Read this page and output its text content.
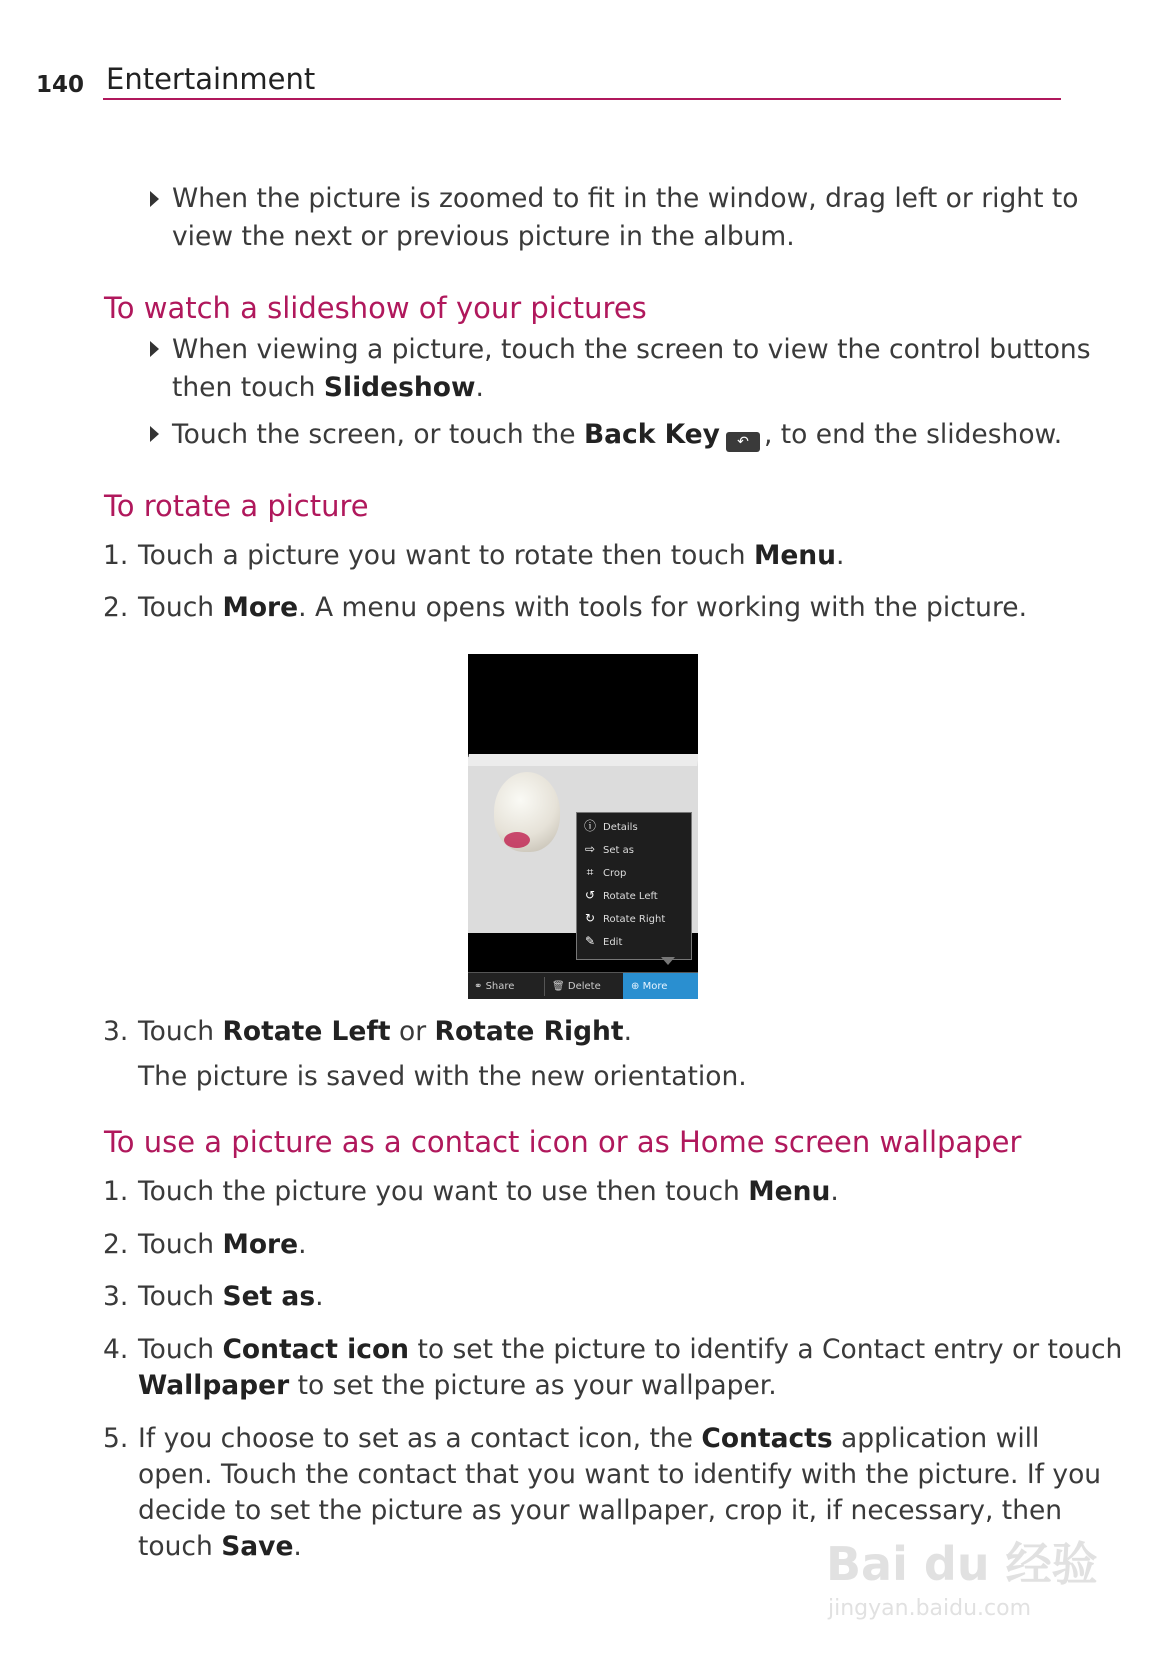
140 Entertainment
When the picture is zoomed to fit in the window, drag left or right to
view the next or previous picture in the album.
To watch a slideshow of your pictures
When viewing a picture, touch the screen to view the control buttons
then touch Slideshow.
Touch the screen, or touch the Back Key ↶ , to end the slideshow.
To rotate a picture
1. Touch a picture you want to rotate then touch Menu.
2. Touch More. A menu opens with tools for working with the picture.
ⓘ Details
⇨ Set as
⌗ Crop
↺ Rotate Left
↻ Rotate Right
✎ Edit
⚭ Share	🗑 Delete	⊕ More
3. Touch Rotate Left or Rotate Right.
The picture is saved with the new orientation.
To use a picture as a contact icon or as Home screen wallpaper
1. Touch the picture you want to use then touch Menu.
2. Touch More.
3. Touch Set as.
4. Touch Contact icon to set the picture to identify a Contact entry or touch
Wallpaper to set the picture as your wallpaper.
5. If you choose to set as a contact icon, the Contacts application will
open. Touch the contact that you want to identify with the picture. If you
decide to set the picture as your wallpaper, crop it, if necessary, then
touch Save.	Bai du 经验
jingyan.baidu.com
